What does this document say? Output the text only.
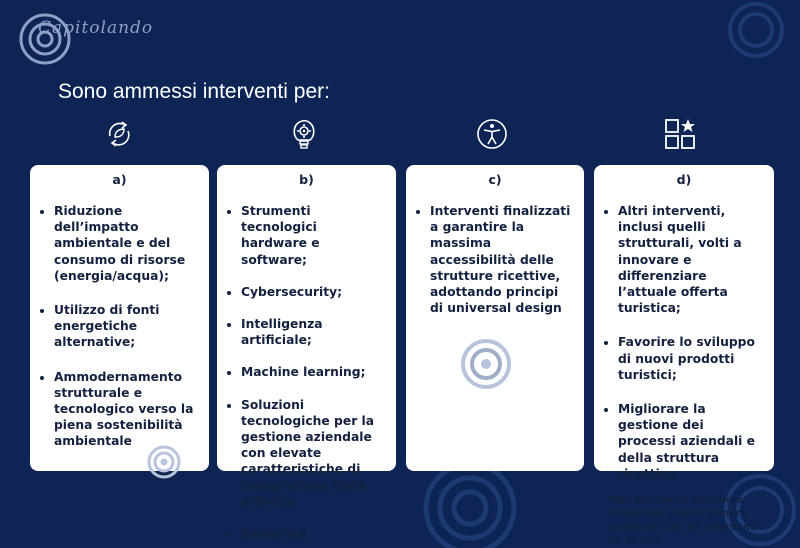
Capitolando
Sono ammessi interventi per:
a)
• Riduzione dell’impatto ambientale e del consumo di risorse (energia/acqua);
• Utilizzo di fonti energetiche alternative;
• Ammodernamento strutturale e tecnologico verso la piena sostenibilità ambientale
b)
• Strumenti tecnologici hardware e software;
• Cybersecurity;
• Intelligenza artificiale;
• Machine learning;
• Soluzioni tecnologiche per la gestione aziendale con elevate caratteristiche di integrazione delle attività;
• Domotica
c)
• Interventi finalizzati a garantire la massima accessibilità delle strutture ricettive, adottando principi di universal design
d)
• Altri interventi, inclusi quelli strutturali, volti a innovare e differenziare l’attuale offerta turistica;
• Favorire lo sviluppo di nuovi prodotti turistici;
• Migliorare la gestione dei processi aziendali e della struttura ricettiva
*Tali interventi dovranno comunque essere sempre combinati con gli interventi a), b) e c)
